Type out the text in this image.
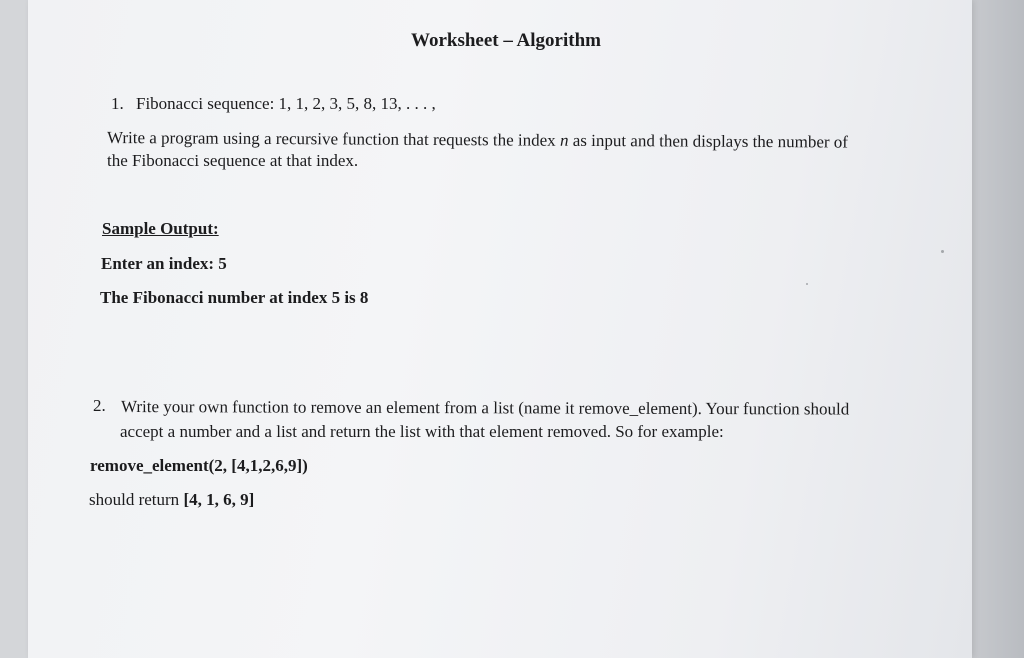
Worksheet – Algorithm
1. Fibonacci sequence: 1, 1, 2, 3, 5, 8, 13, . . . ,
Write a program using a recursive function that requests the index n as input and then displays the number of
the Fibonacci sequence at that index.
Sample Output:
Enter an index: 5
The Fibonacci number at index 5 is 8
2. Write your own function to remove an element from a list (name it remove_element). Your function should
accept a number and a list and return the list with that element removed. So for example:
remove_element(2, [4,1,2,6,9])
should return [4, 1, 6, 9]
